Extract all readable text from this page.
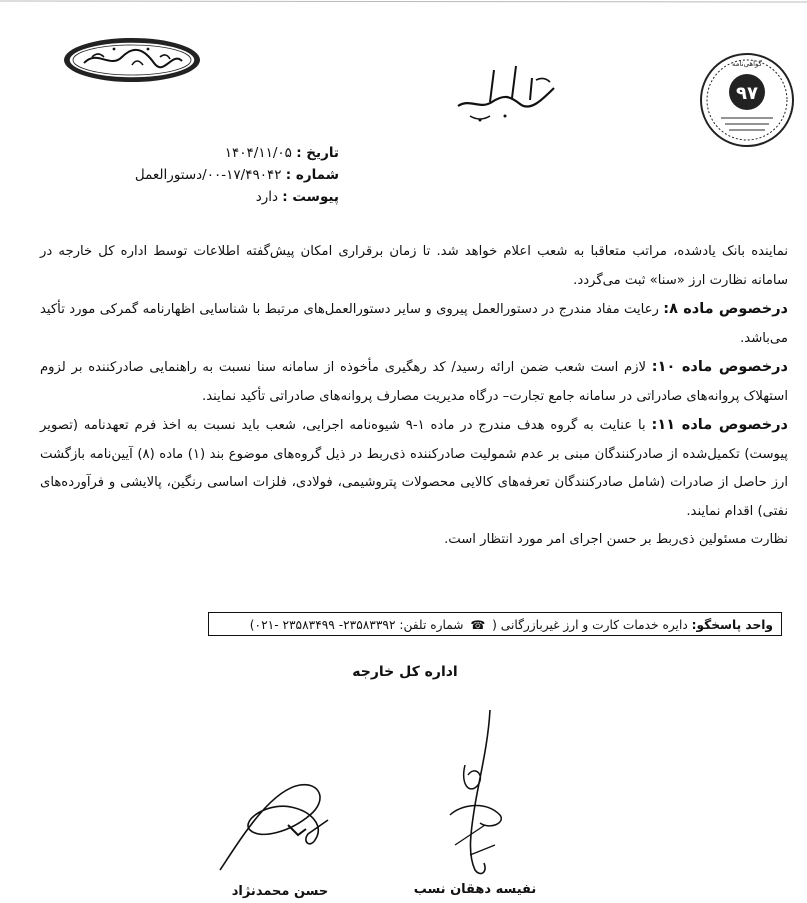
۹۷
گواهی‌نامه
تاریخ : ۱۴۰۴/۱۱/۰۵
شماره : ۱۷/۴۹۰۴۲-۰۰/دستورالعمل
پیوست : دارد

نماینده بانک یادشده، مراتب متعاقبا به شعب اعلام خواهد شد. تا زمان برقراری امکان پیش‌گفته اطلاعات توسط اداره کل خارجه در سامانه نظارت ارز «سنا» ثبت می‌گردد.

درخصوص ماده ۸: رعایت مفاد مندرج در دستورالعمل پیروی و سایر دستورالعمل‌های مرتبط با شناسایی اظهارنامه گمرکی مورد تأکید می‌باشد.

درخصوص ماده ۱۰: لازم است شعب ضمن ارائه رسید/ کد رهگیری مأخوذه از سامانه سنا نسبت به راهنمایی صادرکننده بر لزوم استهلاک پروانه‌های صادراتی در سامانه جامع تجارت– درگاه مدیریت مصارف پروانه‌های صادراتی تأکید نمایند.

درخصوص ماده ۱۱: با عنایت به گروه هدف مندرج در ماده ۱-۹ شیوه‌نامه اجرایی، شعب باید نسبت به اخذ فرم تعهدنامه (تصویر پیوست) تکمیل‌شده از صادرکنندگان مبنی بر عدم شمولیت صادرکننده ذی‌ربط در ذیل گروه‌های موضوع بند (۱) ماده (۸) آیین‌نامه بازگشت ارز حاصل از صادرات (شامل صادرکنندگان تعرفه‌های کالایی محصولات پتروشیمی، فولادی، فلزات اساسی رنگین، پالایشی و فرآورده‌های نفتی) اقدام نمایند.

نظارت مسئولین ذی‌ربط بر حسن اجرای امر مورد انتظار است.

واحد پاسخگو: دایره خدمات کارت و ارز غیربازرگانی ( ☎ شماره تلفن: ۲۳۵۸۳۳۹۲- ۲۳۵۸۳۴۹۹ -۰۲۱)
اداره کل خارجه
حسن محمدنژاد	نفیسه دهقان نسب
